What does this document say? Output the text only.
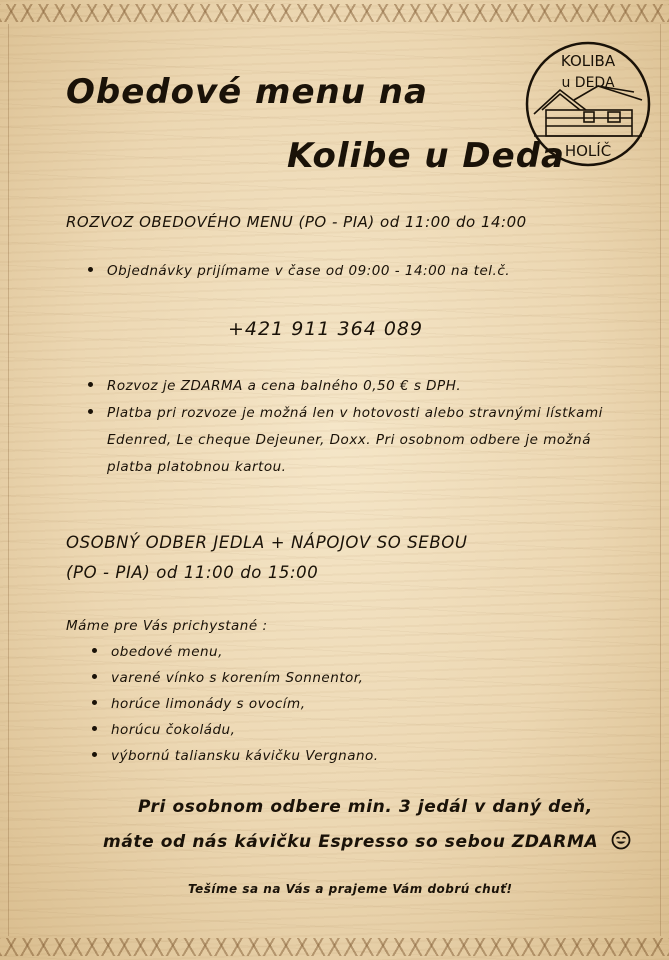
Obedové menu na
Kolibe u Deda
KOLIBA
u DEDA
HOLÍČ
ROZVOZ OBEDOVÉHO MENU (PO - PIA) od 11:00 do 14:00
Objednávky prijímame v čase od 09:00 - 14:00 na tel.č.
+421 911 364 089
Rozvoz je ZDARMA a cena balného 0,50 € s DPH.
Platba pri rozvoze je možná len v hotovosti alebo stravnými lístkami
Edenred, Le cheque Dejeuner, Doxx. Pri osobnom odbere je možná
platba platobnou kartou.
OSOBNÝ ODBER JEDLA + NÁPOJOV SO SEBOU
(PO - PIA) od 11:00 do 15:00
Máme pre Vás prichystané :
obedové menu,
varené vínko s korením Sonnentor,
horúce limonády s ovocím,
horúcu čokoládu,
výbornú taliansku kávičku Vergnano.
Pri osobnom odbere min. 3 jedál v daný deň,
máte od nás kávičku Espresso so sebou ZDARMA
Tešíme sa na Vás a prajeme Vám dobrú chuť!
